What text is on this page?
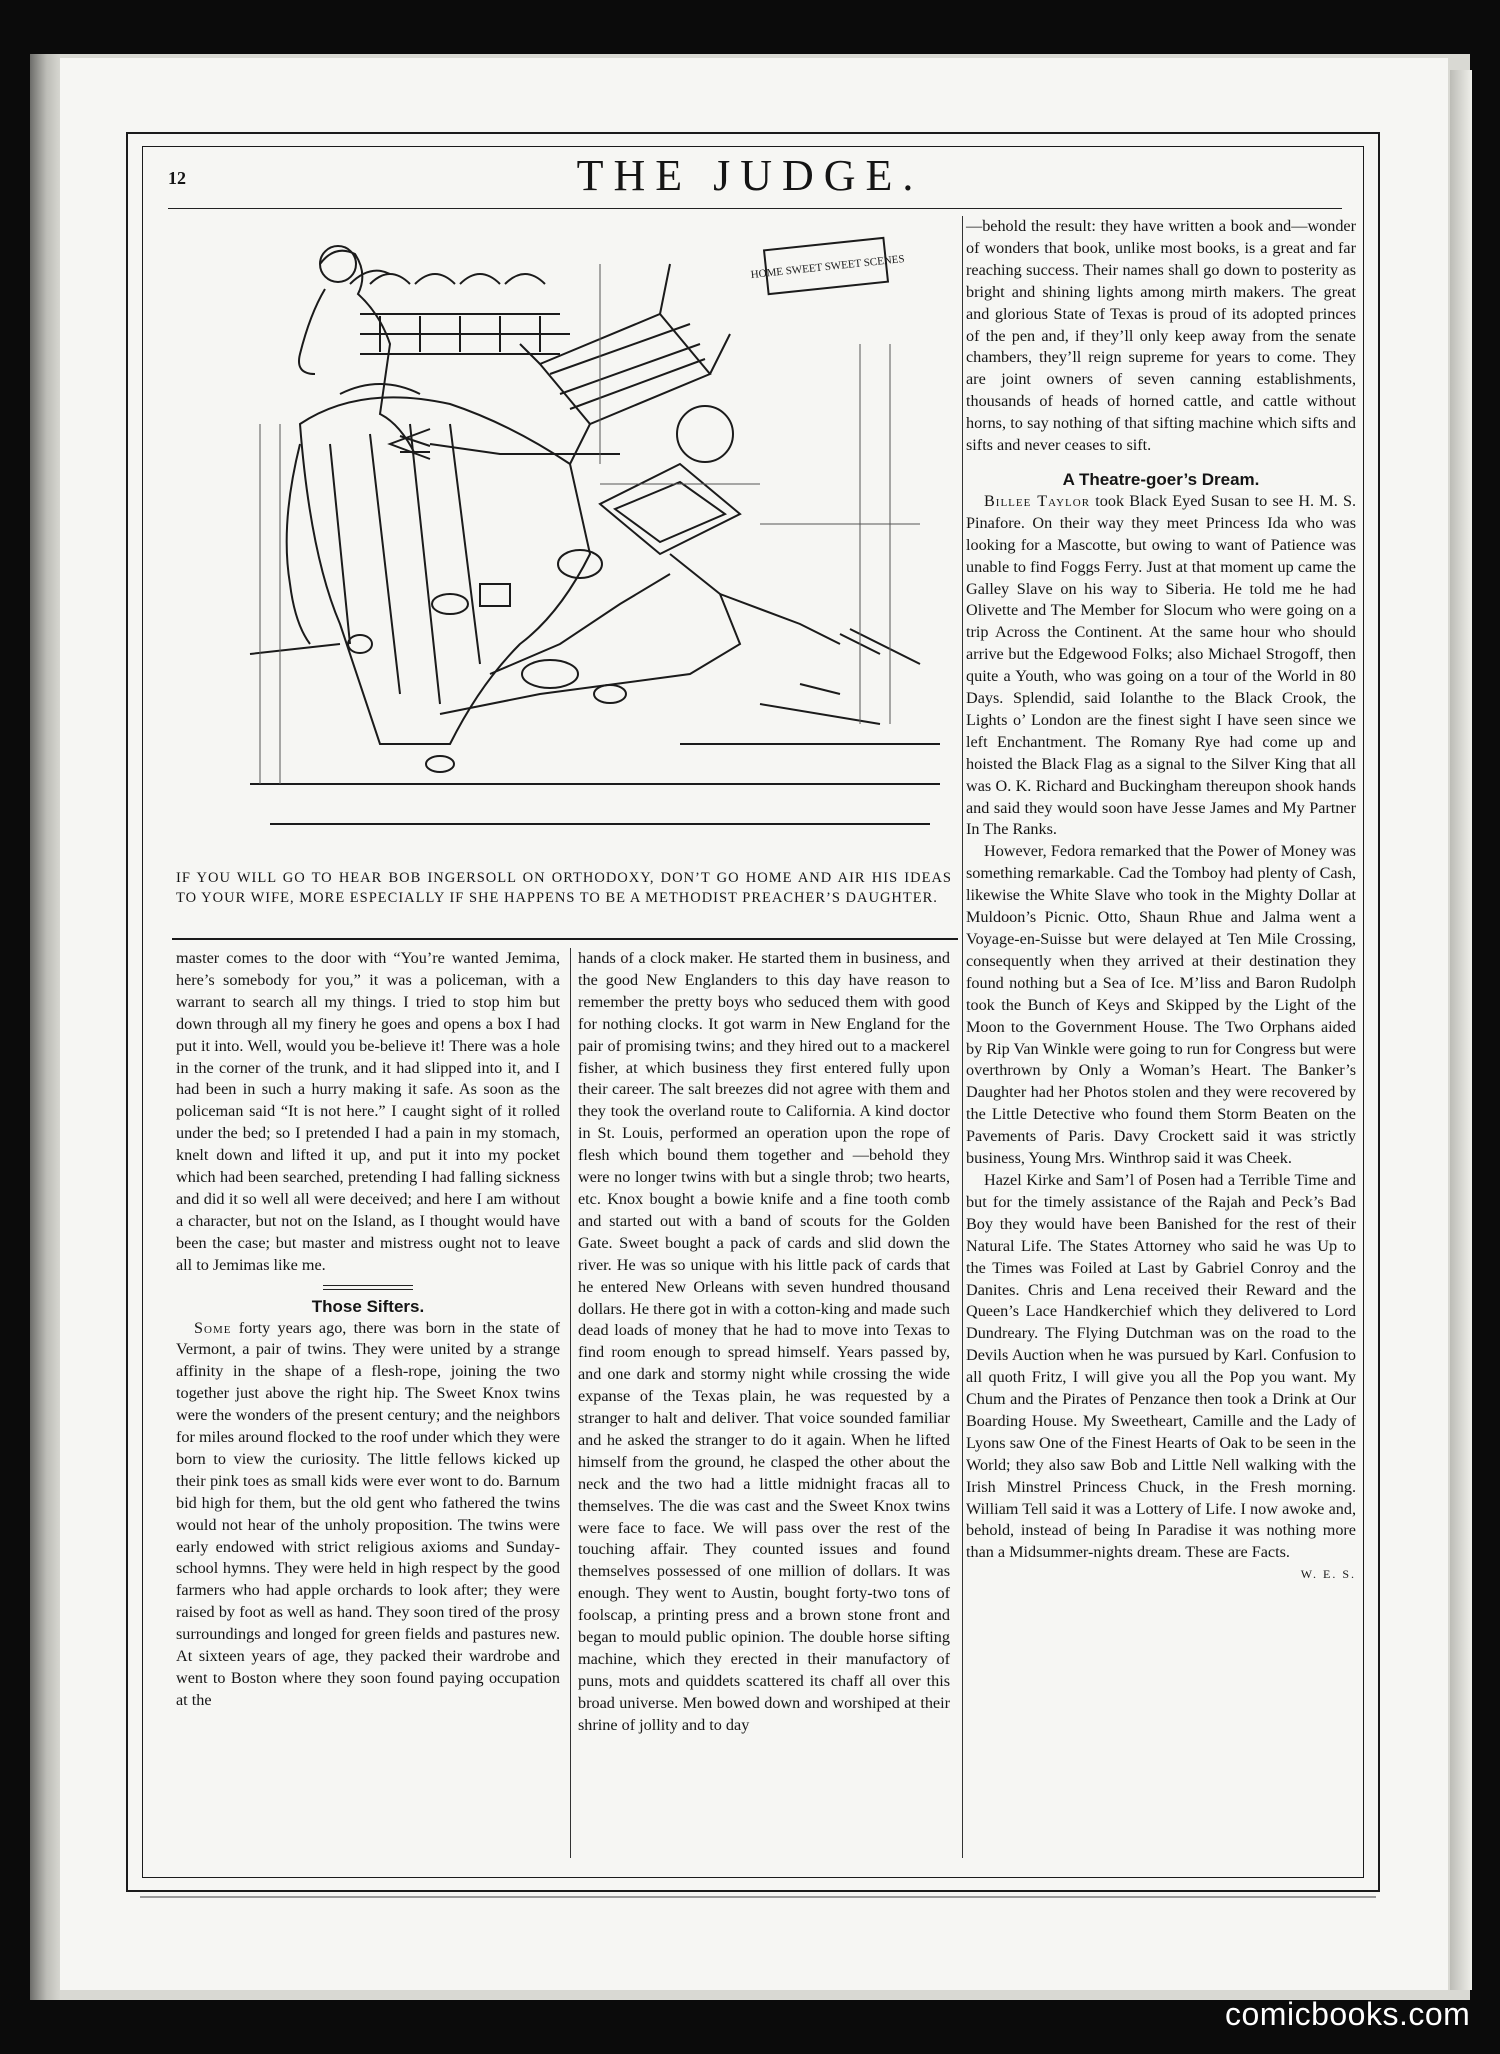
12	THE JUDGE.
HOME SWEET SWEET SCENES
IF YOU WILL GO TO HEAR BOB INGERSOLL ON ORTHODOXY, DON’T GO HOME AND AIR HIS IDEAS TO YOUR WIFE, MORE ESPECIALLY IF SHE HAPPENS TO BE A METHODIST PREACHER’S DAUGHTER.

master comes to the door with “You’re wanted Jemima, here’s somebody for you,” it was a policeman, with a warrant to search all my things. I tried to stop him but down through all my finery he goes and opens a box I had put it into. Well, would you be-believe it! There was a hole in the corner of the trunk, and it had slipped into it, and I had been in such a hurry making it safe. As soon as the policeman said “It is not here.” I caught sight of it rolled under the bed; so I pretended I had a pain in my stomach, knelt down and lifted it up, and put it into my pocket which had been searched, pretending I had falling sickness and did it so well all were deceived; and here I am without a character, but not on the Island, as I thought would have been the case; but master and mistress ought not to leave all to Jemimas like me.

Those Sifters.

Some forty years ago, there was born in the state of Vermont, a pair of twins. They were united by a strange affinity in the shape of a flesh-rope, joining the two together just above the right hip. The Sweet Knox twins were the wonders of the present century; and the neighbors for miles around flocked to the roof under which they were born to view the curiosity. The little fellows kicked up their pink toes as small kids were ever wont to do. Barnum bid high for them, but the old gent who fathered the twins would not hear of the unholy proposition. The twins were early endowed with strict religious axioms and Sunday-school hymns. They were held in high respect by the good farmers who had apple orchards to look after; they were raised by foot as well as hand. They soon tired of the prosy surroundings and longed for green fields and pastures new. At sixteen years of age, they packed their wardrobe and went to Boston where they soon found paying occupation at the

hands of a clock maker. He started them in business, and the good New Englanders to this day have reason to remember the pretty boys who seduced them with good for nothing clocks. It got warm in New England for the pair of promising twins; and they hired out to a mackerel fisher, at which business they first entered fully upon their career. The salt breezes did not agree with them and they took the overland route to California. A kind doctor in St. Louis, performed an operation upon the rope of flesh which bound them together and —behold they were no longer twins with but a single throb; two hearts, etc. Knox bought a bowie knife and a fine tooth comb and started out with a band of scouts for the Golden Gate. Sweet bought a pack of cards and slid down the river. He was so unique with his little pack of cards that he entered New Orleans with seven hundred thousand dollars. He there got in with a cotton-king and made such dead loads of money that he had to move into Texas to find room enough to spread himself. Years passed by, and one dark and stormy night while crossing the wide expanse of the Texas plain, he was requested by a stranger to halt and deliver. That voice sounded familiar and he asked the stranger to do it again. When he lifted himself from the ground, he clasped the other about the neck and the two had a little midnight fracas all to themselves. The die was cast and the Sweet Knox twins were face to face. We will pass over the rest of the touching affair. They counted issues and found themselves possessed of one million of dollars. It was enough. They went to Austin, bought forty-two tons of foolscap, a printing press and a brown stone front and began to mould public opinion. The double horse sifting machine, which they erected in their manufactory of puns, mots and quiddets scattered its chaff all over this broad universe. Men bowed down and worshiped at their shrine of jollity and to day

—behold the result: they have written a book and—wonder of wonders that book, unlike most books, is a great and far reaching success. Their names shall go down to posterity as bright and shining lights among mirth makers. The great and glorious State of Texas is proud of its adopted princes of the pen and, if they’ll only keep away from the senate chambers, they’ll reign supreme for years to come. They are joint owners of seven canning establishments, thousands of heads of horned cattle, and cattle without horns, to say nothing of that sifting machine which sifts and sifts and never ceases to sift.

A Theatre-goer’s Dream.

Billee Taylor took Black Eyed Susan to see H. M. S. Pinafore. On their way they meet Princess Ida who was looking for a Mascotte, but owing to want of Patience was unable to find Foggs Ferry. Just at that moment up came the Galley Slave on his way to Siberia. He told me he had Olivette and The Member for Slocum who were going on a trip Across the Continent. At the same hour who should arrive but the Edgewood Folks; also Michael Strogoff, then quite a Youth, who was going on a tour of the World in 80 Days. Splendid, said Iolanthe to the Black Crook, the Lights o’ London are the finest sight I have seen since we left Enchantment. The Romany Rye had come up and hoisted the Black Flag as a signal to the Silver King that all was O. K. Richard and Buckingham thereupon shook hands and said they would soon have Jesse James and My Partner In The Ranks.

However, Fedora remarked that the Power of Money was something remarkable. Cad the Tomboy had plenty of Cash, likewise the White Slave who took in the Mighty Dollar at Muldoon’s Picnic. Otto, Shaun Rhue and Jalma went a Voyage-en-Suisse but were delayed at Ten Mile Crossing, consequently when they arrived at their destination they found nothing but a Sea of Ice. M’liss and Baron Rudolph took the Bunch of Keys and Skipped by the Light of the Moon to the Government House. The Two Orphans aided by Rip Van Winkle were going to run for Congress but were overthrown by Only a Woman’s Heart. The Banker’s Daughter had her Photos stolen and they were recovered by the Little Detective who found them Storm Beaten on the Pavements of Paris. Davy Crockett said it was strictly business, Young Mrs. Winthrop said it was Cheek.

Hazel Kirke and Sam’l of Posen had a Terrible Time and but for the timely assistance of the Rajah and Peck’s Bad Boy they would have been Banished for the rest of their Natural Life. The States Attorney who said he was Up to the Times was Foiled at Last by Gabriel Conroy and the Danites. Chris and Lena received their Reward and the Queen’s Lace Handkerchief which they delivered to Lord Dundreary. The Flying Dutchman was on the road to the Devils Auction when he was pursued by Karl. Confusion to all quoth Fritz, I will give you all the Pop you want. My Chum and the Pirates of Penzance then took a Drink at Our Boarding House. My Sweetheart, Camille and the Lady of Lyons saw One of the Finest Hearts of Oak to be seen in the World; they also saw Bob and Little Nell walking with the Irish Minstrel Princess Chuck, in the Fresh morning. William Tell said it was a Lottery of Life. I now awoke and, behold, instead of being In Paradise it was nothing more than a Midsummer-nights dream. These are Facts.
W. E. S.

comicbooks.com
